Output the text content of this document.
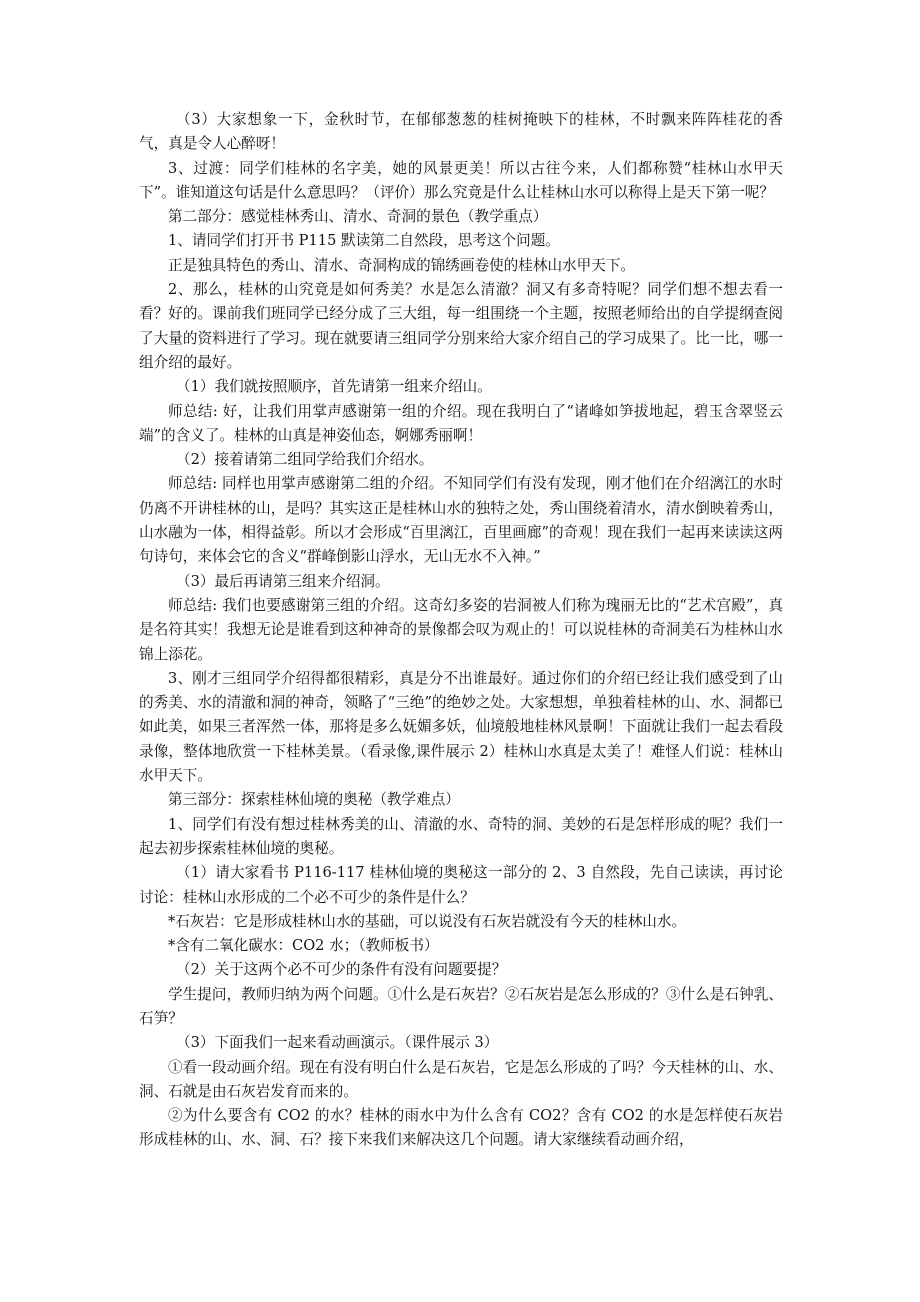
（3）大家想象一下，金秋时节，在郁郁葱葱的桂树掩映下的桂林，不时飘来阵阵桂花的香气，真是令人心醉呀！

3、过渡：同学们桂林的名字美，她的风景更美！所以古往今来，人们都称赞“桂林山水甲天下”。谁知道这句话是什么意思吗？（评价）那么究竟是什么让桂林山水可以称得上是天下第一呢？

第二部分：感觉桂林秀山、清水、奇洞的景色（教学重点）

1、请同学们打开书 P115 默读第二自然段，思考这个问题。

正是独具特色的秀山、清水、奇洞构成的锦绣画卷使的桂林山水甲天下。

2、那么，桂林的山究竟是如何秀美？水是怎么清澈？洞又有多奇特呢？同学们想不想去看一看？好的。课前我们班同学已经分成了三大组，每一组围绕一个主题，按照老师给出的自学提纲查阅了大量的资料进行了学习。现在就要请三组同学分别来给大家介绍自己的学习成果了。比一比，哪一组介绍的最好。

（1）我们就按照顺序，首先请第一组来介绍山。

师总结: 好，让我们用掌声感谢第一组的介绍。现在我明白了“诸峰如笋拔地起，碧玉含翠竖云端”的含义了。桂林的山真是神姿仙态，婀娜秀丽啊！

（2）接着请第二组同学给我们介绍水。

师总结: 同样也用掌声感谢第二组的介绍。不知同学们有没有发现，刚才他们在介绍漓江的水时仍离不开讲桂林的山，是吗？其实这正是桂林山水的独特之处，秀山围绕着清水，清水倒映着秀山，山水融为一体，相得益彰。所以才会形成“百里漓江，百里画廊”的奇观！现在我们一起再来读读这两句诗句，来体会它的含义“群峰倒影山浮水，无山无水不入神。”

（3）最后再请第三组来介绍洞。

师总结: 我们也要感谢第三组的介绍。这奇幻多姿的岩洞被人们称为瑰丽无比的“艺术宫殿”，真是名符其实！我想无论是谁看到这种神奇的景像都会叹为观止的！可以说桂林的奇洞美石为桂林山水锦上添花。

3、刚才三组同学介绍得都很精彩，真是分不出谁最好。通过你们的介绍已经让我们感受到了山的秀美、水的清澈和洞的神奇，领略了“三绝”的绝妙之处。大家想想，单独着桂林的山、水、洞都已如此美，如果三者浑然一体，那将是多么妩媚多妖，仙境般地桂林风景啊！下面就让我们一起去看段录像，整体地欣赏一下桂林美景。（看录像,课件展示 2）桂林山水真是太美了！难怪人们说：桂林山水甲天下。

第三部分：探索桂林仙境的奥秘（教学难点）

1、同学们有没有想过桂林秀美的山、清澈的水、奇特的洞、美妙的石是怎样形成的呢？我们一起去初步探索桂林仙境的奥秘。

（1）请大家看书 P116-117 桂林仙境的奥秘这一部分的 2、3 自然段，先自己读读，再讨论讨论：桂林山水形成的二个必不可少的条件是什么？

*石灰岩：它是形成桂林山水的基础，可以说没有石灰岩就没有今天的桂林山水。

*含有二氧化碳水：CO2 水；（教师板书）

（2）关于这两个必不可少的条件有没有问题要提？

学生提问，教师归纳为两个问题。①什么是石灰岩？②石灰岩是怎么形成的？③什么是石钟乳、石笋？

（3）下面我们一起来看动画演示。（课件展示 3）

①看一段动画介绍。现在有没有明白什么是石灰岩，它是怎么形成的了吗？今天桂林的山、水、洞、石就是由石灰岩发育而来的。

②为什么要含有 CO2 的水？桂林的雨水中为什么含有 CO2？含有 CO2 的水是怎样使石灰岩形成桂林的山、水、洞、石？接下来我们来解决这几个问题。请大家继续看动画介绍，
